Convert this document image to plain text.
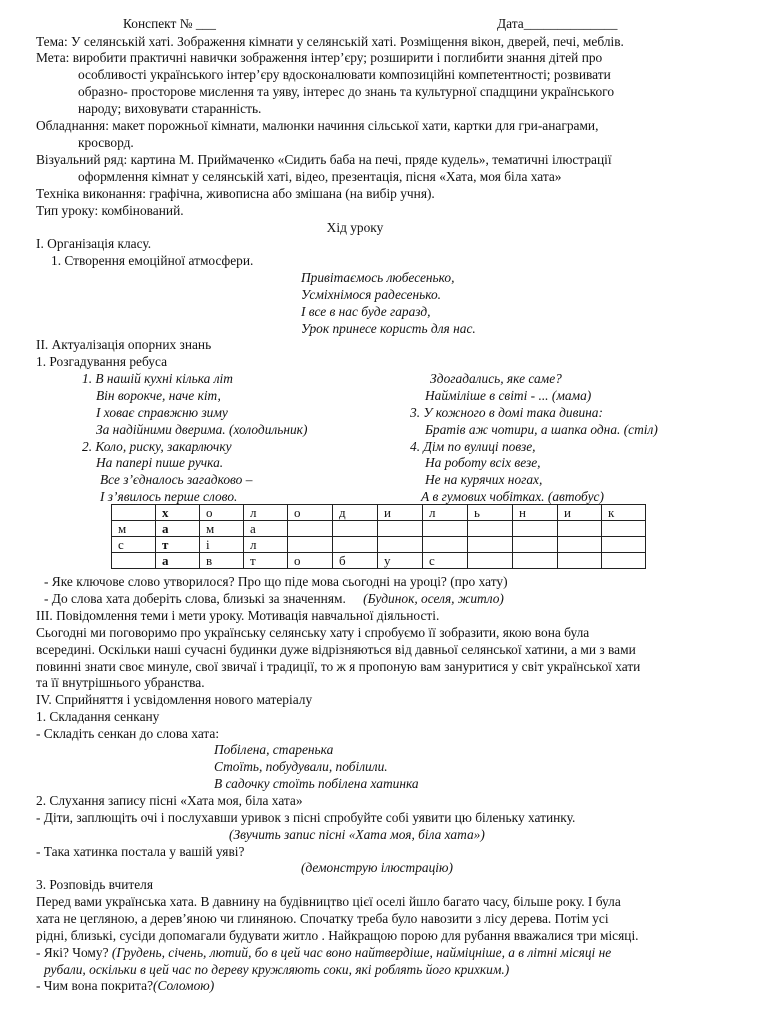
Конспект № ___	Дата______________
Тема: У селянській хаті. Зображення кімнати у селянській хаті. Розміщення вікон, дверей, печі, меблів.
Мета: виробити практичні навички зображення інтер’єру; розширити і поглибити знання дітей про
особливості українського інтер’єру вдосконалювати композиційні компетентності; розвивати
образно- просторове мислення та уяву, інтерес до знань та культурної спадщини українського
народу; виховувати старанність.
Обладнання: макет порожньої кімнати, малюнки начиння сільської хати, картки для гри-анаграми,
кросворд.
Візуальний ряд: картина М. Приймаченко «Сидить баба на печі, пряде кудель», тематичні ілюстрації
оформлення кімнат у селянській хаті, відео, презентація, пісня «Хата, моя біла хата»
Техніка виконання: графічна, живописна або змішана (на вибір учня).
Тип уроку: комбінований.
Хід уроку
I. Організація класу.
1. Створення емоційної атмосфери.
Привітаємось любесенько,
Усміхнімося радесенько.
І все в нас буде гаразд,
Урок принесе користь для нас.
II. Актуалізація опорних знань
1. Розгадування ребуса
1. В нашій кухні кілька літ
Він ворокче, наче кіт,
І ховає справжню зиму
За надійними дверима. (холодильник)
2. Коло, риску, закарлючку
На папері пише ручка.
Все з’єдналось загадково –
І з’явилось перше слово.
Здогадались, яке саме?
Найміліше в світі - ... (мама)
3. У кожного в домі така дивина:
Братів аж чотири, а шапка одна. (стіл)
4. Дім по вулиці повзе,
На роботу всіх везе,
Не на курячих ногах,
А в гумових чобітках. (автобус)
	х	о	л	о	д	и	л	ь	н	и	к
м	а	м	а								
с	т	і	л								
	а	в	т	о	б	у	с				
- Яке ключове слово утворилося? Про що піде мова сьогодні на уроці? (про хату)
- До слова хата доберіть слова, близькі за значенням. (Будинок, оселя, житло)
III. Повідомлення теми і мети уроку. Мотивація навчальної діяльності.
Сьогодні ми поговоримо про українську селянську хату і спробуємо її зобразити, якою вона була
всередині. Оскільки наші сучасні будинки дуже відрізняються від давньої селянської хатини, а ми з вами
повинні знати своє минуле, свої звичаї і традиції, то ж я пропоную вам зануритися у світ української хати
та її внутрішнього убранства.
IV. Сприйняття і усвідомлення нового матеріалу
1. Складання сенкану
- Складіть сенкан до слова хата:
Побілена, старенька
Стоїть, побудували, побілили.
В садочку стоїть побілена хатинка
2. Слухання запису пісні «Хата моя, біла хата»
- Діти, заплющіть очі і послухавши уривок з пісні спробуйте собі уявити цю біленьку хатинку.
(Звучить запис пісні «Хата моя, біла хата»)
- Така хатинка постала у вашій уяві?
(демонструю ілюстрацію)
3. Розповідь вчителя
Перед вами українська хата. В давнину на будівництво цієї оселі йшло багато часу, більше року. І була
хата не цегляною, а дерев’яною чи глиняною. Спочатку треба було навозити з лісу дерева. Потім усі
рідні, близькі, сусіди допомагали будувати житло . Найкращою порою для рубання вважалися три місяці.
- Які? Чому? (Грудень, січень, лютий, бо в цей час воно найтвердіше, найміцніше, а в літні місяці не
рубали, оскільки в цей час по дереву кружляють соки, які роблять його крихким.)
- Чим вона покрита?(Соломою)
